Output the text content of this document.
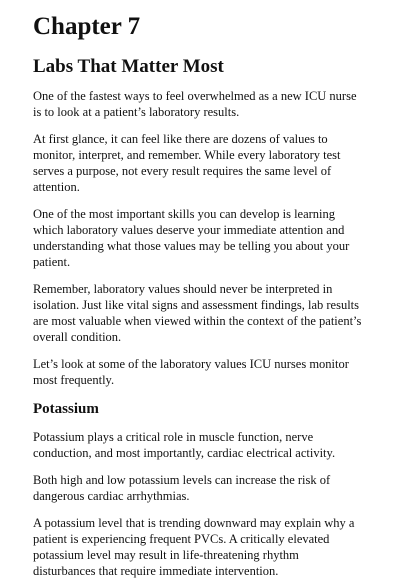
Chapter 7
Labs That Matter Most

One of the fastest ways to feel overwhelmed as a new ICU nurse is to look at a patient’s laboratory results.

At first glance, it can feel like there are dozens of values to monitor, interpret, and remember. While every laboratory test serves a purpose, not every result requires the same level of attention.

One of the most important skills you can develop is learning which laboratory values deserve your immediate attention and understanding what those values may be telling you about your patient.

Remember, laboratory values should never be interpreted in isolation. Just like vital signs and assessment findings, lab results are most valuable when viewed within the context of the patient’s overall condition.

Let’s look at some of the laboratory values ICU nurses monitor most frequently.

Potassium

Potassium plays a critical role in muscle function, nerve conduction, and most importantly, cardiac electrical activity.

Both high and low potassium levels can increase the risk of dangerous cardiac arrhythmias.

A potassium level that is trending downward may explain why a patient is experiencing frequent PVCs. A critically elevated potassium level may result in life-threatening rhythm disturbances that require immediate intervention.
